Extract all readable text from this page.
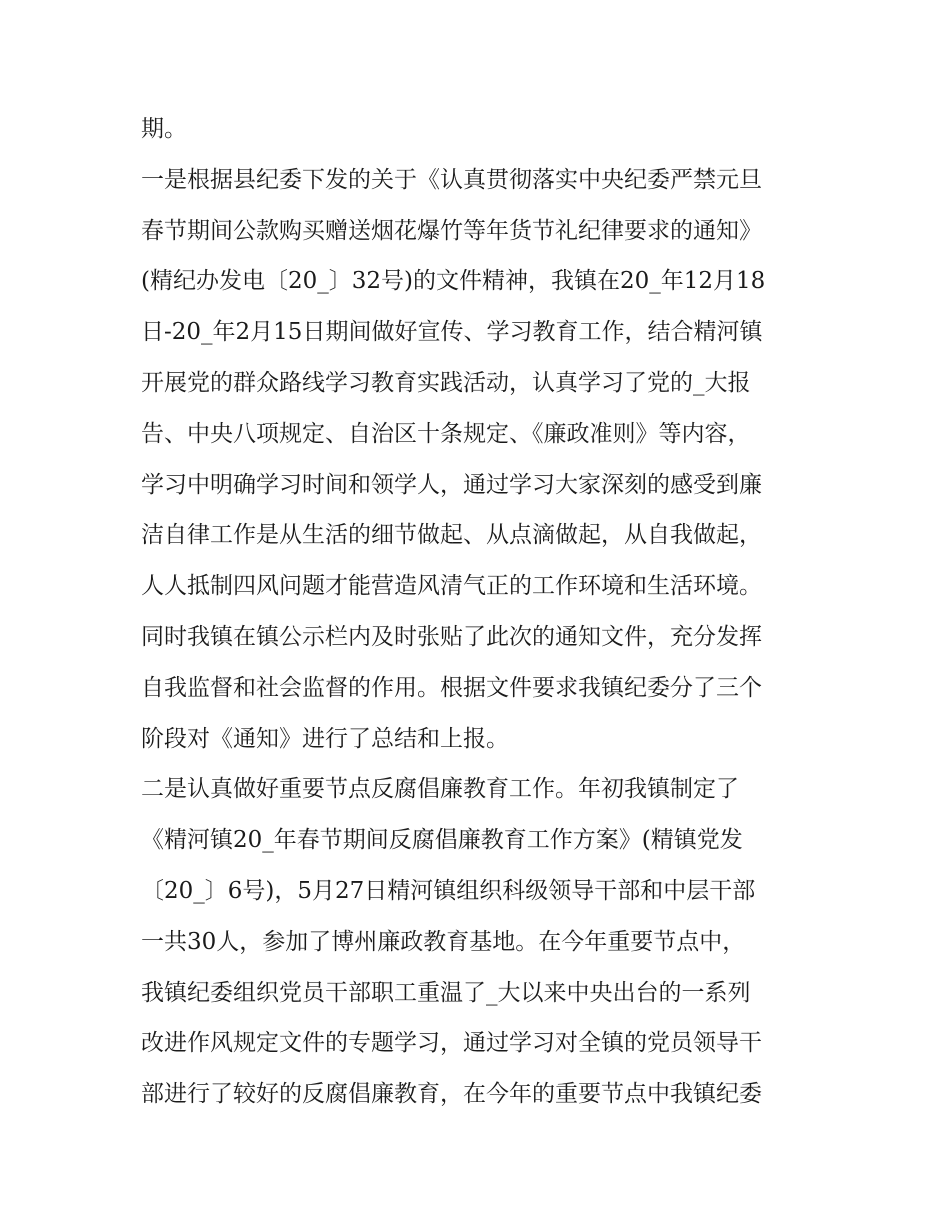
期。
一是根据县纪委下发的关于《认真贯彻落实中央纪委严禁元旦
春节期间公款购买赠送烟花爆竹等年货节礼纪律要求的通知》
(精纪办发电〔20_〕32号)的文件精神，我镇在20_年12月18
日-20_年2月15日期间做好宣传、学习教育工作，结合精河镇
开展党的群众路线学习教育实践活动，认真学习了党的_大报
告、中央八项规定、自治区十条规定、《廉政准则》等内容，
学习中明确学习时间和领学人，通过学习大家深刻的感受到廉
洁自律工作是从生活的细节做起、从点滴做起，从自我做起，
人人抵制四风问题才能营造风清气正的工作环境和生活环境。
同时我镇在镇公示栏内及时张贴了此次的通知文件，充分发挥
自我监督和社会监督的作用。根据文件要求我镇纪委分了三个
阶段对《通知》进行了总结和上报。
二是认真做好重要节点反腐倡廉教育工作。年初我镇制定了
《精河镇20_年春节期间反腐倡廉教育工作方案》(精镇党发
〔20_〕6号)，5月27日精河镇组织科级领导干部和中层干部
一共30人，参加了博州廉政教育基地。在今年重要节点中，
我镇纪委组织党员干部职工重温了_大以来中央出台的一系列
改进作风规定文件的专题学习，通过学习对全镇的党员领导干
部进行了较好的反腐倡廉教育，在今年的重要节点中我镇纪委
